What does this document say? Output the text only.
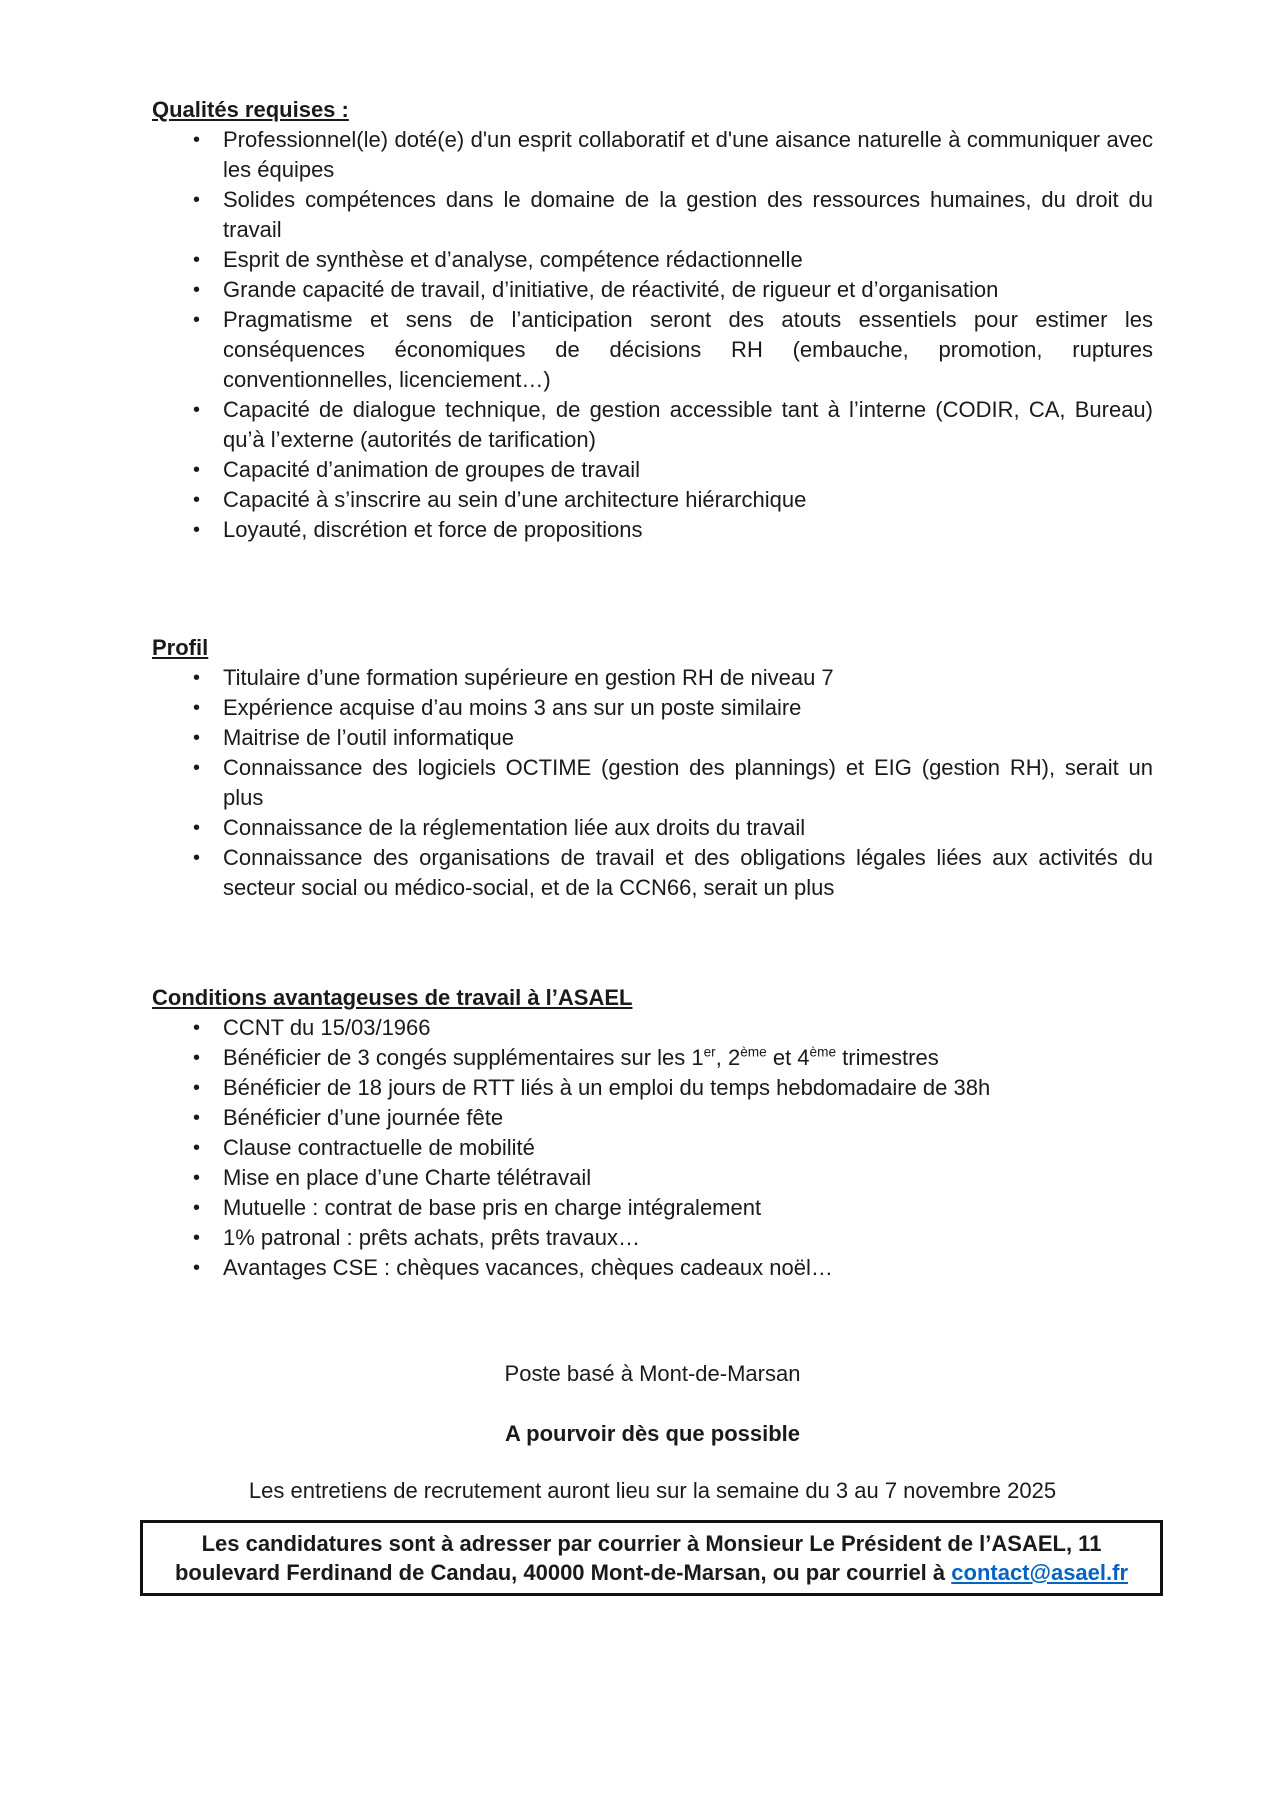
Qualités requises :
• Professionnel(le) doté(e) d'un esprit collaboratif et d'une aisance naturelle à communiquer avec les équipes
• Solides compétences dans le domaine de la gestion des ressources humaines, du droit du travail
• Esprit de synthèse et d’analyse, compétence rédactionnelle
• Grande capacité de travail, d’initiative, de réactivité, de rigueur et d’organisation
• Pragmatisme et sens de l’anticipation seront des atouts essentiels pour estimer les conséquences économiques de décisions RH (embauche, promotion, ruptures conventionnelles, licenciement…)
• Capacité de dialogue technique, de gestion accessible tant à l’interne (CODIR, CA, Bureau) qu’à l’externe (autorités de tarification)
• Capacité d’animation de groupes de travail
• Capacité à s’inscrire au sein d’une architecture hiérarchique
• Loyauté, discrétion et force de propositions
Profil
• Titulaire d’une formation supérieure en gestion RH de niveau 7
• Expérience acquise d’au moins 3 ans sur un poste similaire
• Maitrise de l’outil informatique
• Connaissance des logiciels OCTIME (gestion des plannings) et EIG (gestion RH), serait un plus
• Connaissance de la réglementation liée aux droits du travail
• Connaissance des organisations de travail et des obligations légales liées aux activités du secteur social ou médico-social, et de la CCN66, serait un plus
Conditions avantageuses de travail à l’ASAEL
• CCNT du 15/03/1966
• Bénéficier de 3 congés supplémentaires sur les 1er, 2ème et 4ème trimestres
• Bénéficier de 18 jours de RTT liés à un emploi du temps hebdomadaire de 38h
• Bénéficier d’une journée fête
• Clause contractuelle de mobilité
• Mise en place d’une Charte télétravail
• Mutuelle : contrat de base pris en charge intégralement
• 1% patronal : prêts achats, prêts travaux…
• Avantages CSE : chèques vacances, chèques cadeaux noël…
Poste basé à Mont-de-Marsan
A pourvoir dès que possible
Les entretiens de recrutement auront lieu sur la semaine du 3 au 7 novembre 2025
Les candidatures sont à adresser par courrier à Monsieur Le Président de l’ASAEL, 11 boulevard Ferdinand de Candau, 40000 Mont-de-Marsan, ou par courriel à contact@asael.fr
